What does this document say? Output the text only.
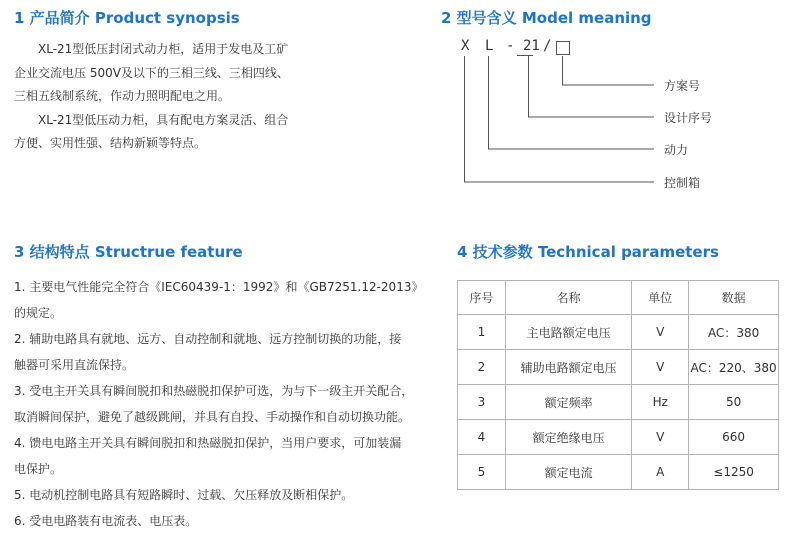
1 产品简介 Product synopsis

XL-21型低压封闭式动力柜，适用于发电及工矿

企业交流电压 500V及以下的三相三线、三相四线、

三相五线制系统，作动力照明配电之用。

XL-21型低压动力柜，具有配电方案灵活、组合

方便、实用性强、结构新颖等特点。

2 型号含义 Model meaning
X L - 21 /
方案号
设计序号
动力
控制箱
3 结构特点 Structrue feature
1. 主要电气性能完全符合《IEC60439-1：1992》和《GB7251.12-2013》
的规定。
2. 辅助电路具有就地、远方、自动控制和就地、远方控制切换的功能，接
触器可采用直流保持。
3. 受电主开关具有瞬间脱扣和热磁脱扣保护可选，为与下一级主开关配合，
取消瞬间保护，避免了越级跳闸，并具有自投、手动操作和自动切换功能。
4. 馈电电路主开关具有瞬间脱扣和热磁脱扣保护，当用户要求，可加装漏
电保护。
5. 电动机控制电路具有短路瞬时、过载、欠压释放及断相保护。
6. 受电电路装有电流表、电压表。
4 技术参数 Technical parameters
序号	名称	单位	数据
1	主电路额定电压	V	AC：380
2	辅助电路额定电压	V	AC：220、380
3	额定频率	Hz	50
4	额定绝缘电压	V	660
5	额定电流	A	≤1250
